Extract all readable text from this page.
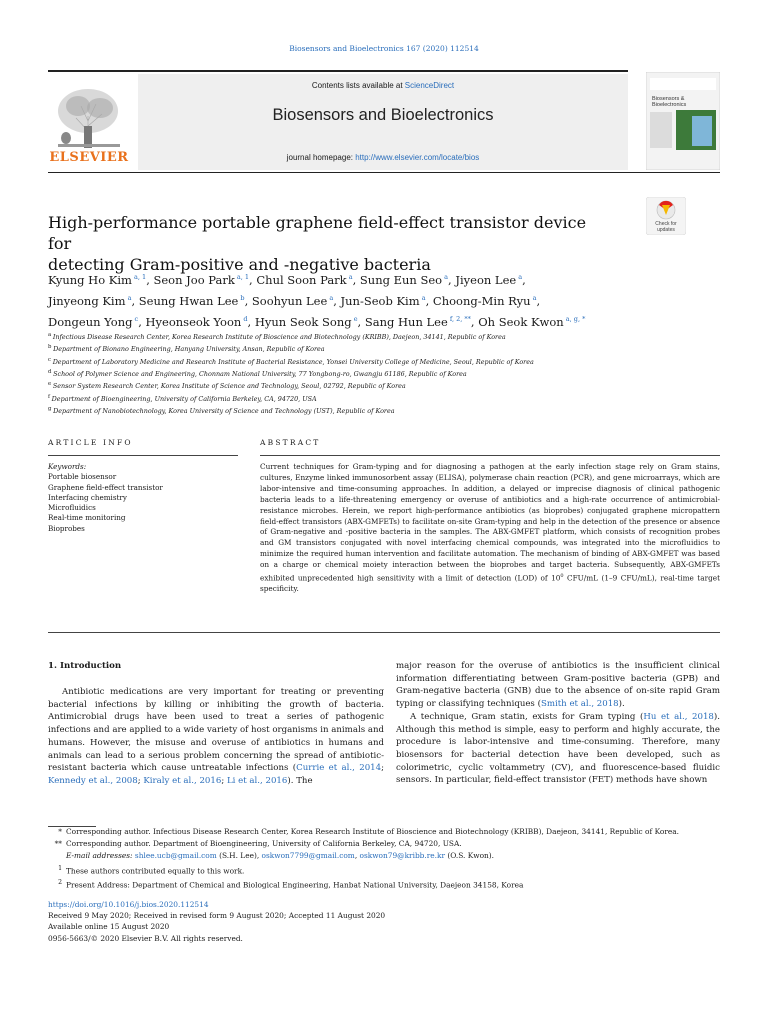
Biosensors and Bioelectronics 167 (2020) 112514
ELSEVIER
Contents lists available at ScienceDirect
Biosensors and Bioelectronics
journal homepage: http://www.elsevier.com/locate/bios
Biosensors &
Bioelectronics
Check for
updates
High-performance portable graphene field-effect transistor device for
detecting Gram-positive and -negative bacteria
Kyung Ho Kim $^{a, 1}$, Seon Joo Park $^{a, 1}$, Chul Soon Park $^a$, Sung Eun Seo $^a$, Jiyeon Lee $^a$,
Jinyeong Kim $^a$, Seung Hwan Lee $^b$, Soohyun Lee $^a$, Jun-Seob Kim $^a$, Choong-Min Ryu $^a$,
Dongeun Yong $^c$, Hyeonseok Yoon $^d$, Hyun Seok Song $^e$, Sang Hun Lee $^{f, 2, **}$, Oh Seok Kwon $^{a, g, *}$
$^a$ Infectious Disease Research Center, Korea Research Institute of Bioscience and Biotechnology (KRIBB), Daejeon, 34141, Republic of Korea
$^b$ Department of Bionano Engineering, Hanyang University, Ansan, Republic of Korea
$^c$ Department of Laboratory Medicine and Research Institute of Bacterial Resistance, Yonsei University College of Medicine, Seoul, Republic of Korea
$^d$ School of Polymer Science and Engineering, Chonnam National University, 77 Yongbong-ro, Gwangju 61186, Republic of Korea
$^e$ Sensor System Research Center, Korea Institute of Science and Technology, Seoul, 02792, Republic of Korea
$^f$ Department of Bioengineering, University of California Berkeley, CA, 94720, USA
$^g$ Department of Nanobiotechnology, Korea University of Science and Technology (UST), Republic of Korea
ARTICLE INFO	ABSTRACT
Keywords:
Portable biosensor
Graphene field-effect transistor
Interfacing chemistry
Microfluidics
Real-time monitoring
Bioprobes
Current techniques for Gram-typing and for diagnosing a pathogen at the early infection stage rely on Gram stains, cultures, Enzyme linked immunosorbent assay (ELISA), polymerase chain reaction (PCR), and gene microarrays, which are labor-intensive and time-consuming approaches. In addition, a delayed or imprecise diagnosis of clinical pathogenic bacteria leads to a life-threatening emergency or overuse of antibiotics and a high-rate occurrence of antimicrobial-resistance microbes. Herein, we report high-performance antibiotics (as bioprobes) conjugated graphene micropattern field-effect transistors (ABX-GMFETs) to facilitate on-site Gram-typing and help in the detection of the presence or absence of Gram-negative and -positive bacteria in the samples. The ABX-GMFET platform, which consists of recognition probes and GM transistors conjugated with novel interfacing chemical compounds, was integrated into the microfluidics to minimize the required human intervention and facilitate automation. The mechanism of binding of ABX-GMFET was based on a charge or chemical moiety interaction between the bioprobes and target bacteria. Subsequently, ABX-GMFETs exhibited unprecedented high sensitivity with a limit of detection (LOD) of $10^0$ CFU/mL (1–9 CFU/mL), real-time target specificity.
1. Introduction
Antibiotic medications are very important for treating or preventing bacterial infections by killing or inhibiting the growth of bacteria. Antimicrobial drugs have been used to treat a series of pathogenic infections and are applied to a wide variety of host organisms in animals and humans. However, the misuse and overuse of antibiotics in humans and animals can lead to a serious problem concerning the spread of antibiotic-resistant bacteria which cause untreatable infections (Currie et al., 2014; Kennedy et al., 2008; Kiraly et al., 2016; Li et al., 2016). The
major reason for the overuse of antibiotics is the insufficient clinical information differentiating between Gram-positive bacteria (GPB) and Gram-negative bacteria (GNB) due to the absence of on-site rapid Gram typing or classifying techniques (Smith et al., 2018).
A technique, Gram statin, exists for Gram typing (Hu et al., 2018). Although this method is simple, easy to perform and highly accurate, the procedure is labor-intensive and time-consuming. Therefore, many biosensors for bacterial detection have been developed, such as colorimetric, cyclic voltammetry (CV), and fluorescence-based fluidic sensors. In particular, field-effect transistor (FET) methods have shown
* Corresponding author. Infectious Disease Research Center, Korea Research Institute of Bioscience and Biotechnology (KRIBB), Daejeon, 34141, Republic of Korea.
** Corresponding author. Department of Bioengineering, University of California Berkeley, CA, 94720, USA.
E-mail addresses: shlee.ucb@gmail.com (S.H. Lee), oskwon7799@gmail.com, oskwon79@kribb.re.kr (O.S. Kwon).
$^1$ These authors contributed equally to this work.
$^2$ Present Address: Department of Chemical and Biological Engineering, Hanbat National University, Daejeon 34158, Korea
https://doi.org/10.1016/j.bios.2020.112514
Received 9 May 2020; Received in revised form 9 August 2020; Accepted 11 August 2020
Available online 15 August 2020
0956-5663/© 2020 Elsevier B.V. All rights reserved.
